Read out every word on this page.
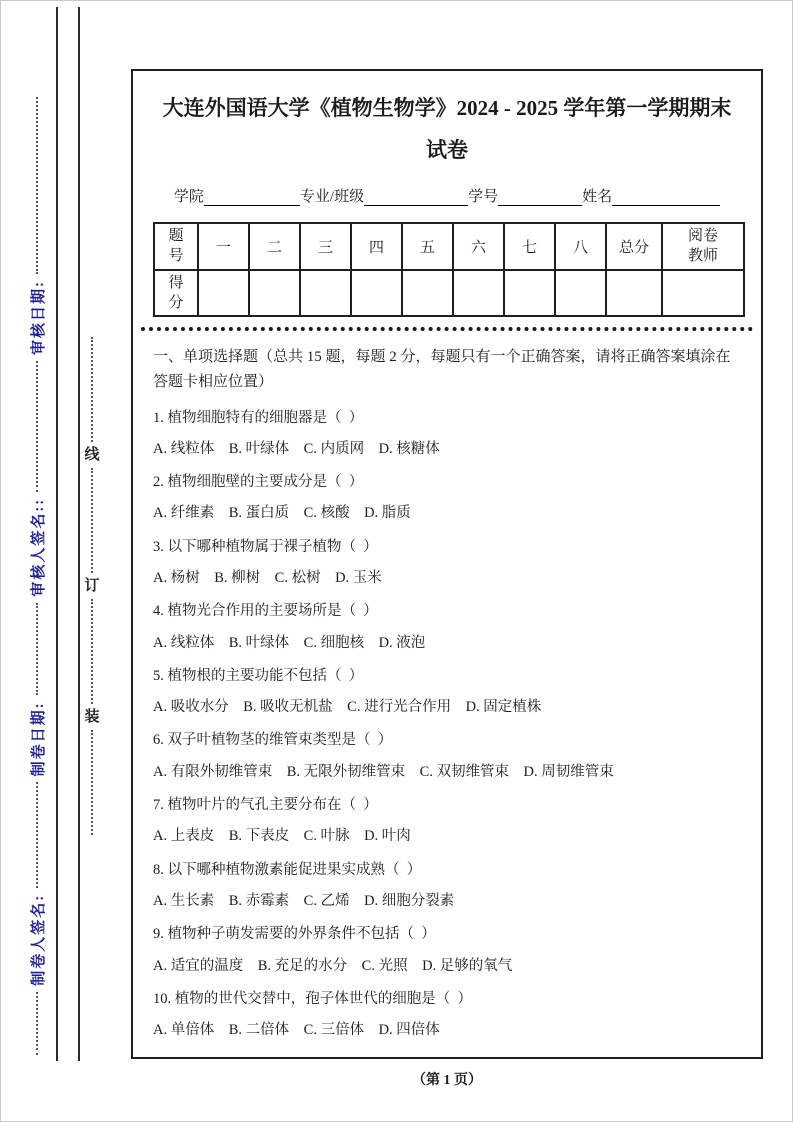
制卷人签名:
制卷日期:
审核人签名::
审核日期:
线
订
装
大连外国语大学《植物生物学》2024 - 2025 学年第一学期期末试卷
学院	专业/班级	学号	姓名
题号	一	二	三	四	五	六	七	八	总分	阅卷教师
得分										

一、单项选择题（总共 15 题，每题 2 分，每题只有一个正确答案，请将正确答案填涂在答题卡相应位置）

1. 植物细胞特有的细胞器是（  ）
A. 线粒体　B. 叶绿体　C. 内质网　D. 核糖体
2. 植物细胞壁的主要成分是（  ）
A. 纤维素　B. 蛋白质　C. 核酸　D. 脂质
3. 以下哪种植物属于裸子植物（  ）
A. 杨树　B. 柳树　C. 松树　D. 玉米
4. 植物光合作用的主要场所是（  ）
A. 线粒体　B. 叶绿体　C. 细胞核　D. 液泡
5. 植物根的主要功能不包括（  ）
A. 吸收水分　B. 吸收无机盐　C. 进行光合作用　D. 固定植株
6. 双子叶植物茎的维管束类型是（  ）
A. 有限外韧维管束　B. 无限外韧维管束　C. 双韧维管束　D. 周韧维管束
7. 植物叶片的气孔主要分布在（  ）
A. 上表皮　B. 下表皮　C. 叶脉　D. 叶肉
8. 以下哪种植物激素能促进果实成熟（  ）
A. 生长素　B. 赤霉素　C. 乙烯　D. 细胞分裂素
9. 植物种子萌发需要的外界条件不包括（  ）
A. 适宜的温度　B. 充足的水分　C. 光照　D. 足够的氧气
10. 植物的世代交替中，孢子体世代的细胞是（  ）
A. 单倍体　B. 二倍体　C. 三倍体　D. 四倍体
（第 1 页）
